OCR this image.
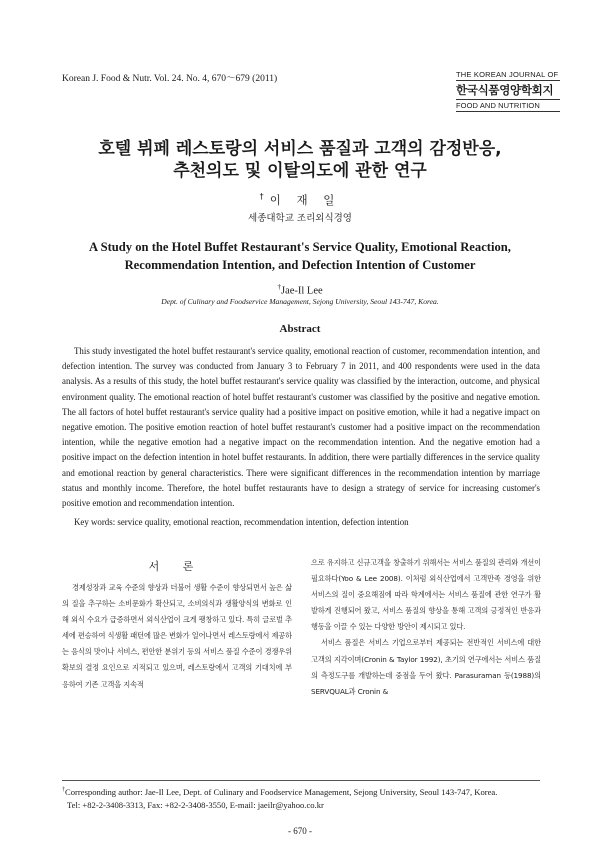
Korean J. Food & Nutr. Vol. 24. No. 4, 670～679 (2011)	THE KOREAN JOURNAL OF
한국식품영양학회지
FOOD AND NUTRITION
호텔 뷔페 레스토랑의 서비스 품질과 고객의 감정반응,
추천의도 및 이탈의도에 관한 연구
†이 재 일
세종대학교 조리외식경영
A Study on the Hotel Buffet Restaurant's Service Quality, Emotional Reaction,
Recommendation Intention, and Defection Intention of Customer
†Jae-Il Lee
Dept. of Culinary and Foodservice Management, Sejong University, Seoul 143-747, Korea.
Abstract
This study investigated the hotel buffet restaurant's service quality, emotional reaction of customer, recommendation intention, and defection intention. The survey was conducted from January 3 to February 7 in 2011, and 400 respondents were used in the data analysis. As a results of this study, the hotel buffet restaurant's service quality was classified by the interaction, outcome, and physical environment quality. The emotional reaction of hotel buffet restaurant's customer was classified by the positive and negative emotion. The all factors of hotel buffet restaurant's service quality had a positive impact on positive emotion, while it had a negative impact on negative emotion. The positive emotion reaction of hotel buffet restaurant's customer had a positive impact on the recommendation intention, while the negative emotion had a negative impact on the recommendation intention. And the negative emotion had a positive impact on the defection intention in hotel buffet restaurants. In addition, there were partially differences in the service quality and emotional reaction by general characteristics. There were significant differences in the recommendation intention by marriage status and monthly income. Therefore, the hotel buffet restaurants have to design a strategy of service for increasing customer's positive emotion and recommendation intention.
Key words: service quality, emotional reaction, recommendation intention, defection intention
서 론

경제성장과 교육 수준의 향상과 더불어 생활 수준이 향상되면서 높은 삶의 질을 추구하는 소비문화가 확산되고, 소비의식과 생활양식의 변화로 인해 외식 수요가 급증하면서 외식산업이 크게 팽창하고 있다. 특히 글로벌 추세에 편승하여 식생활 패턴에 많은 변화가 일어나면서 레스토랑에서 제공하는 음식의 맛이나 서비스, 편안한 분위기 등의 서비스 품질 수준이 경쟁우위 확보의 결정 요인으로 지적되고 있으며, 레스토랑에서 고객의 기대치에 부응하여 기존 고객을 지속적

으로 유지하고 신규고객을 창출하기 위해서는 서비스 품질의 관리와 개선이 필요하다(Yoo & Lee 2008). 이처럼 외식산업에서 고객만족 경영을 위한 서비스의 질이 중요해짐에 따라 학계에서는 서비스 품질에 관한 연구가 활발하게 진행되어 왔고, 서비스 품질의 향상을 통해 고객의 긍정적인 반응과 행동을 이끌 수 있는 다양한 방안이 제시되고 있다.

서비스 품질은 서비스 기업으로부터 제공되는 전반적인 서비스에 대한 고객의 지각이며(Cronin & Taylor 1992), 초기의 연구에서는 서비스 품질의 측정도구를 개발하는데 중점을 두어 왔다. Parasuraman 등(1988)의 SERVQUAL과 Cronin &

†Corresponding author: Jae-Il Lee, Dept. of Culinary and Foodservice Management, Sejong University, Seoul 143-747, Korea.
Tel: +82-2-3408-3313, Fax: +82-2-3408-3550, E-mail: jaeilr@yahoo.co.kr
- 670 -
